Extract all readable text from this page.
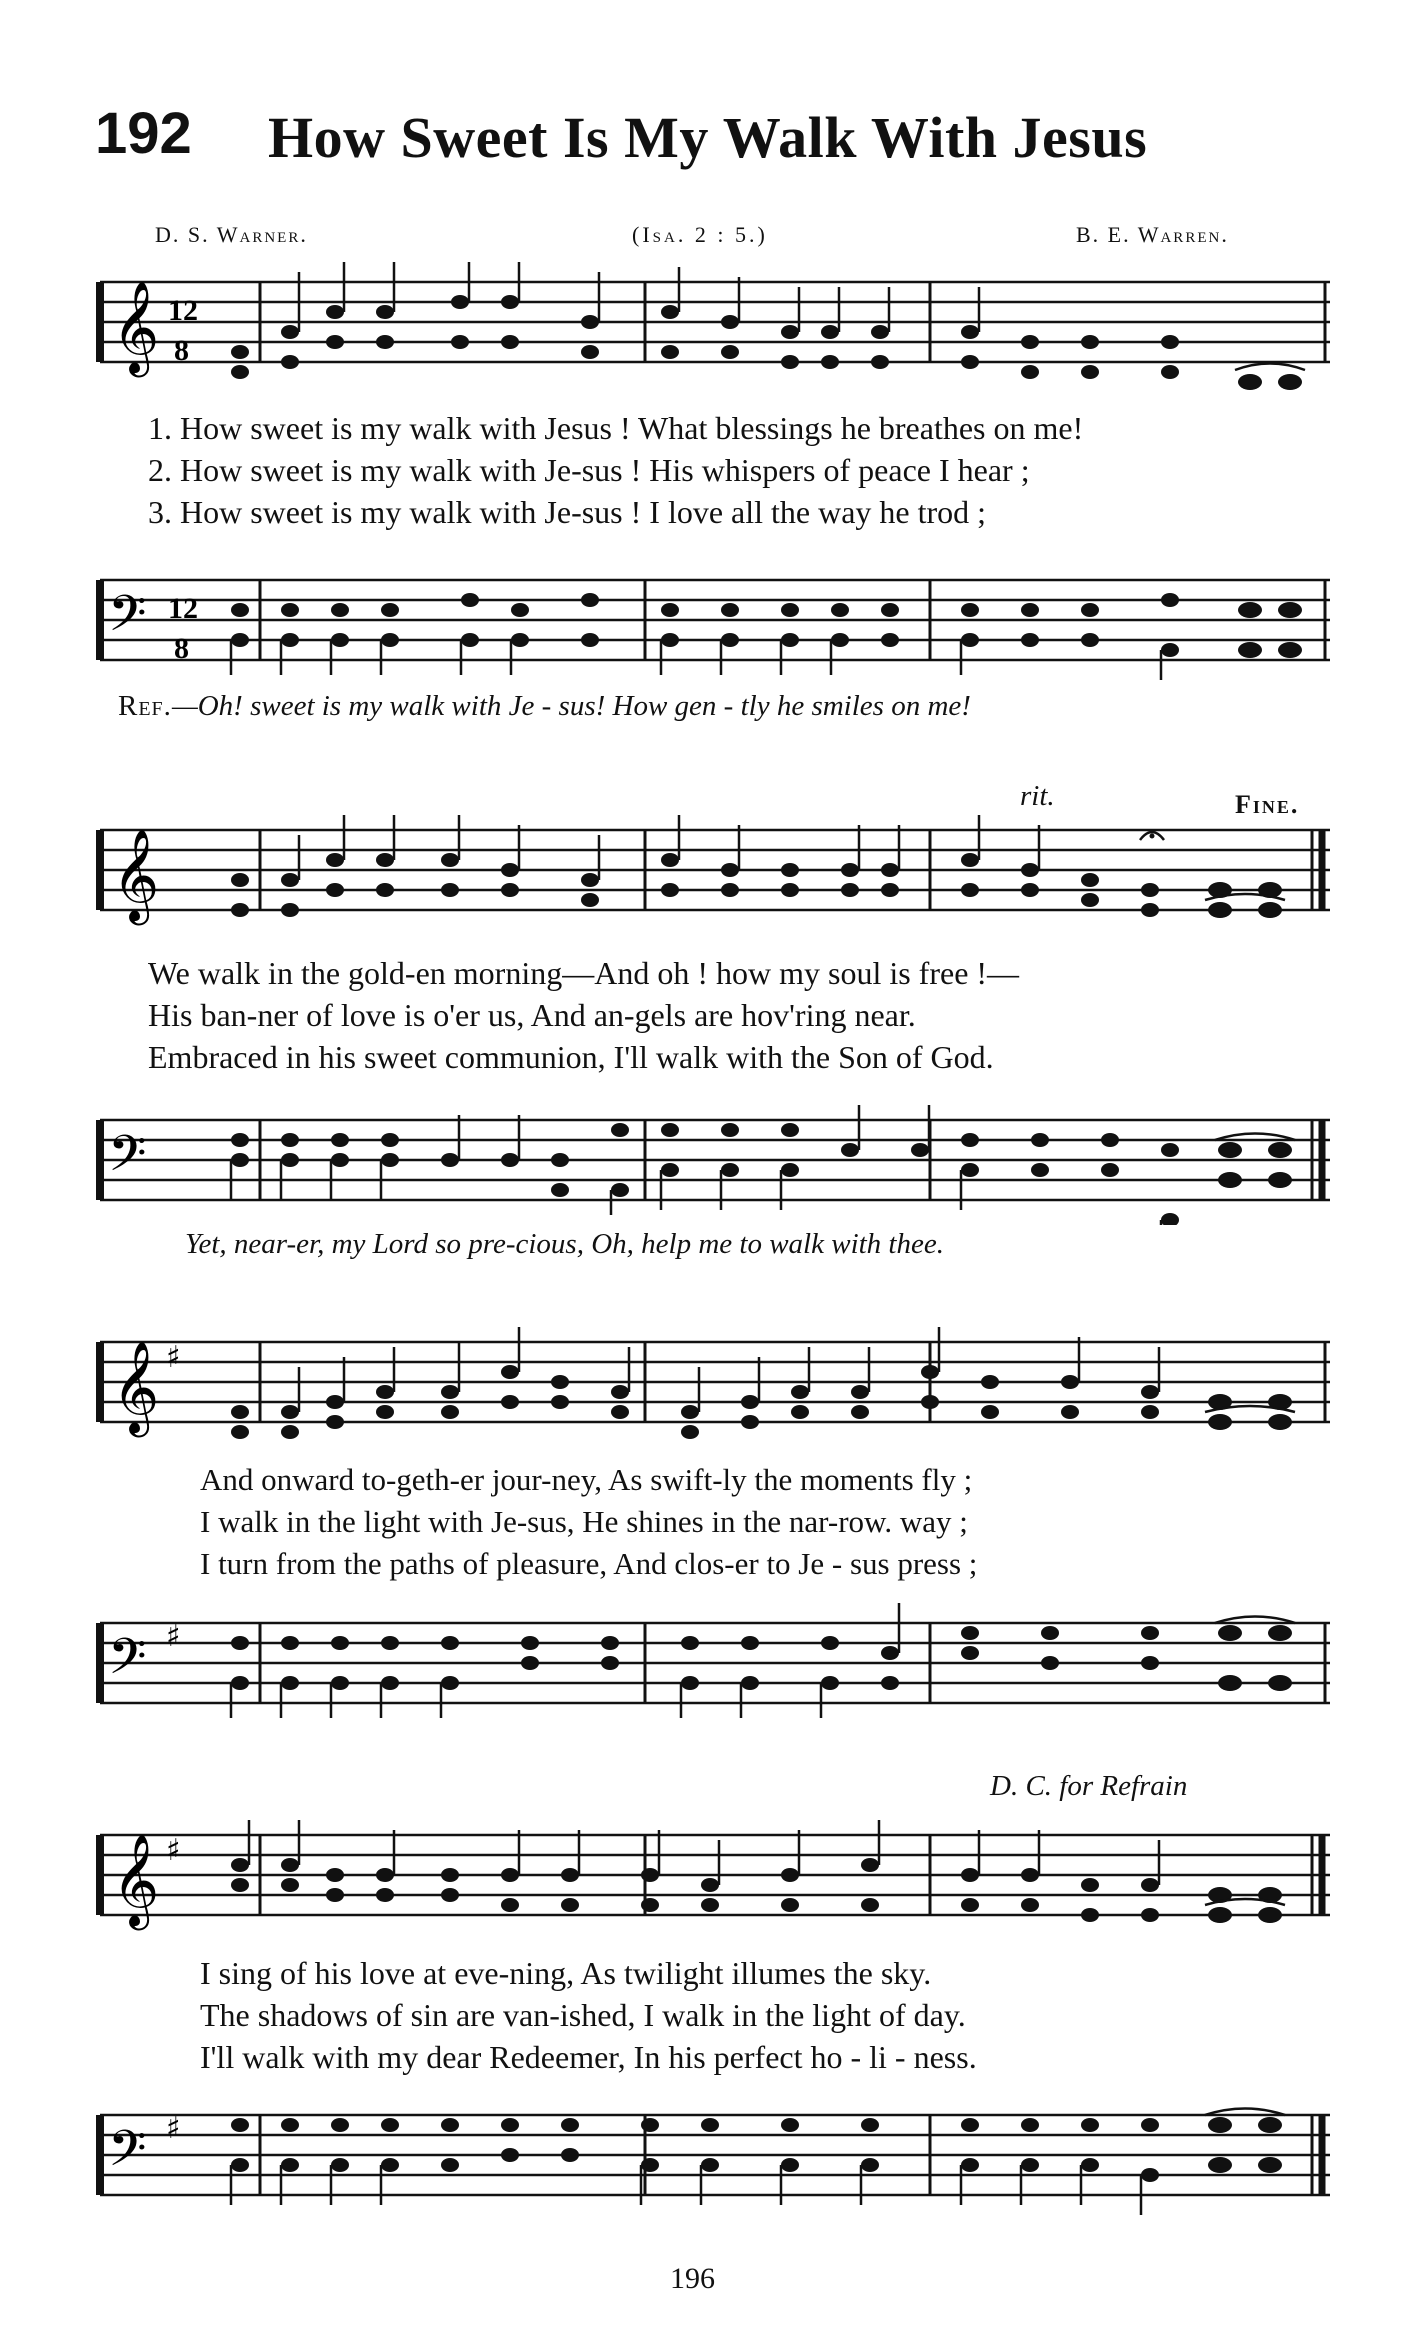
192 How Sweet Is My Walk With Jesus
D. S. Warner.	(Isa. 2 : 5.)	B. E. Warren.
𝄞 12
8
1. How sweet is my walk with Jesus ! What blessings he breathes on me!
2. How sweet is my walk with Je-sus ! His whispers of peace I hear ;
3. How sweet is my walk with Je-sus ! I love all the way he trod ;
𝄢 12
8
Ref.—Oh! sweet is my walk with Je - sus! How gen - tly he smiles on me!
rit.	Fine.
𝄞
We walk in the gold-en morning—And oh ! how my soul is free !—
His ban-ner of love is o'er us, And an-gels are hov'ring near.
Embraced in his sweet communion, I'll walk with the Son of God.
𝄢
Yet, near-er, my Lord so pre-cious, Oh, help me to walk with thee.
𝄞 ♯
And onward to-geth-er jour-ney, As swift-ly the moments fly ;
I walk in the light with Je-sus, He shines in the nar-row. way ;
I turn from the paths of pleasure, And clos-er to Je - sus press ;
𝄢 ♯
D. C. for Refrain
𝄞 ♯
I sing of his love at eve-ning, As twilight illumes the sky.
The shadows of sin are van-ished, I walk in the light of day.
I'll walk with my dear Redeemer, In his perfect ho - li - ness.
𝄢 ♯
196
